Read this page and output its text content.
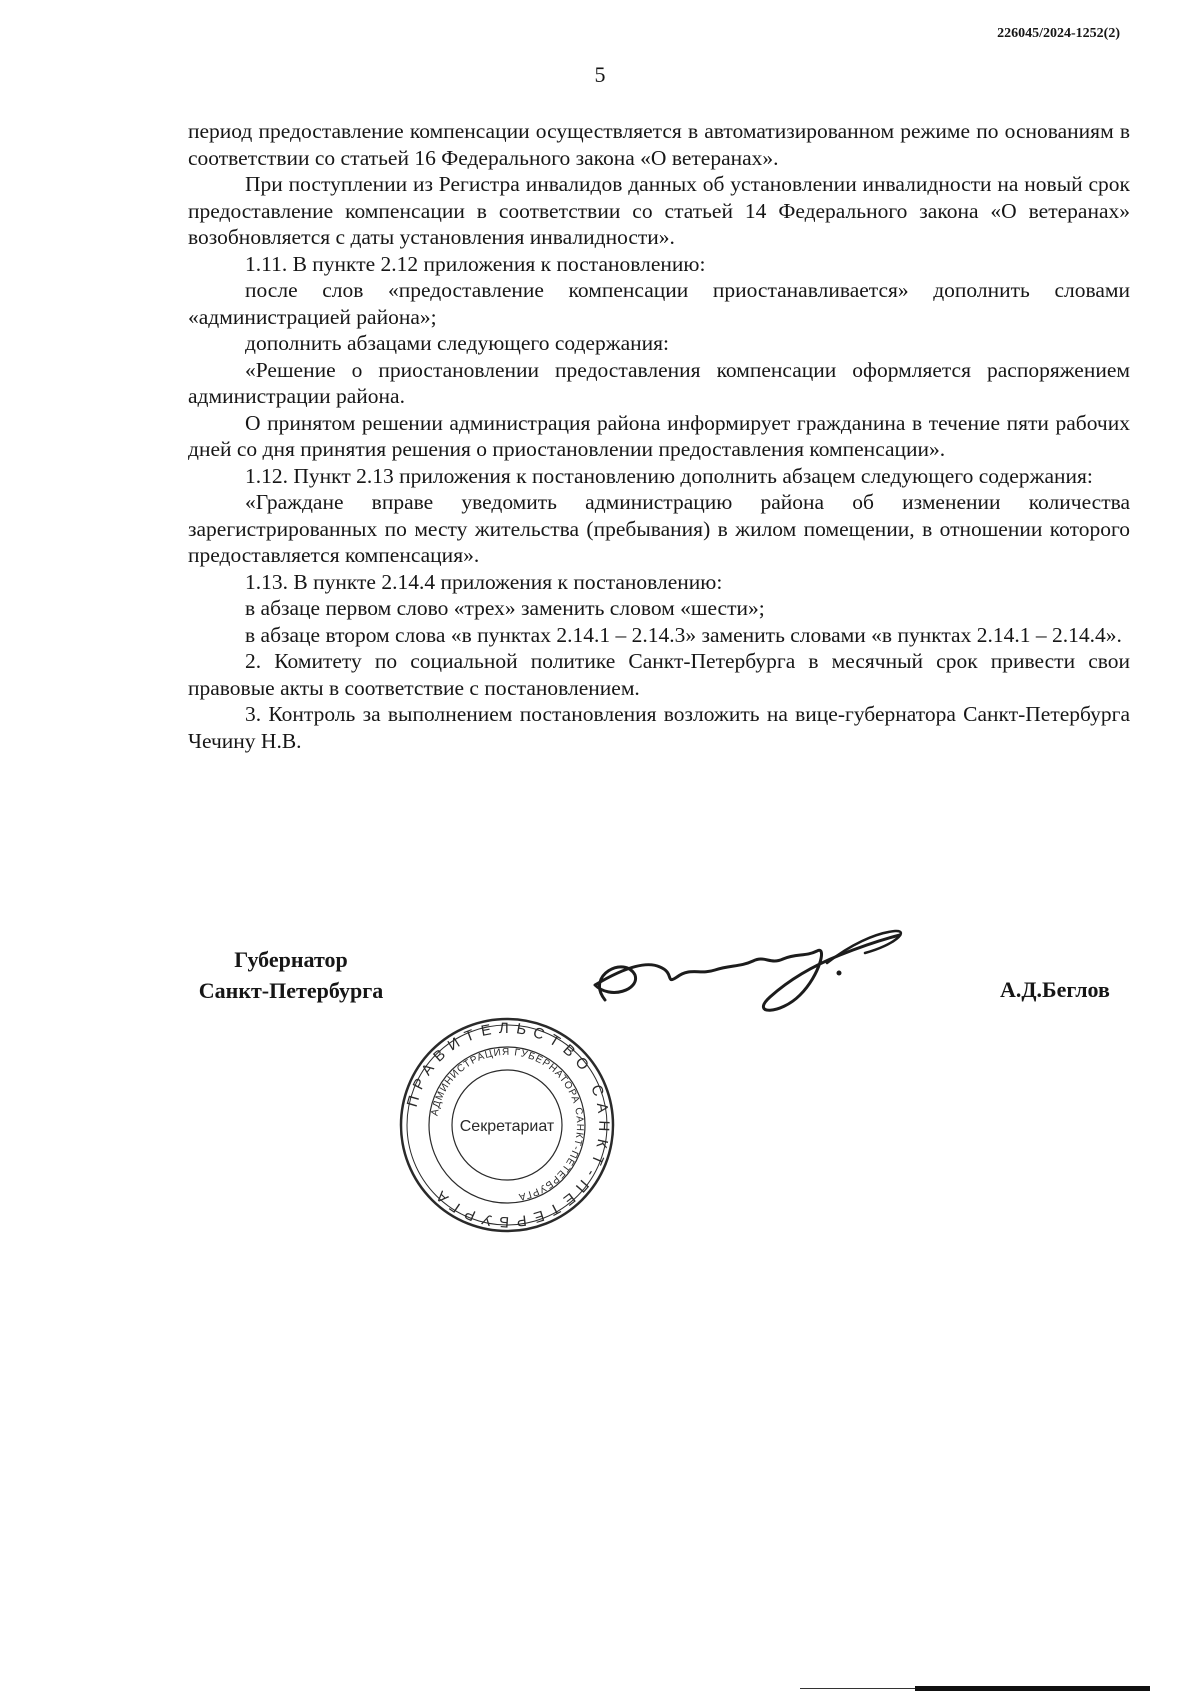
226045/2024-1252(2)
5

период предоставление компенсации осуществляется в автоматизированном режиме по основаниям в соответствии со статьей 16 Федерального закона «О ветеранах».

При поступлении из Регистра инвалидов данных об установлении инвалидности на новый срок предоставление компенсации в соответствии со статьей 14 Федерального закона «О ветеранах» возобновляется с даты установления инвалидности».

1.11. В пункте 2.12 приложения к постановлению:

после слов «предоставление компенсации приостанавливается» дополнить словами «администрацией района»;

дополнить абзацами следующего содержания:

«Решение о приостановлении предоставления компенсации оформляется распоряжением администрации района.

О принятом решении администрация района информирует гражданина в течение пяти рабочих дней со дня принятия решения о приостановлении предоставления компенсации».

1.12. Пункт 2.13 приложения к постановлению дополнить абзацем следующего содержания:

«Граждане вправе уведомить администрацию района об изменении количества зарегистрированных по месту жительства (пребывания) в жилом помещении, в отношении которого предоставляется компенсация».

1.13. В пункте 2.14.4 приложения к постановлению:

в абзаце первом слово «трех» заменить словом «шести»;

в абзаце втором слова «в пунктах 2.14.1 – 2.14.3» заменить словами «в пунктах 2.14.1 – 2.14.4».

2. Комитету по социальной политике Санкт-Петербурга в месячный срок привести свои правовые акты в соответствие с постановлением.

3. Контроль за выполнением постановления возложить на вице-губернатора Санкт-Петербурга Чечину Н.В.

Губернатор
Санкт-Петербурга	А.Д.Беглов
ПРАВИТЕЛЬСТВО САНКТ-ПЕТЕРБУРГА
АДМИНИСТРАЦИЯ ГУБЕРНАТОРА САНКТ-ПЕТЕРБУРГА
Секретариат
